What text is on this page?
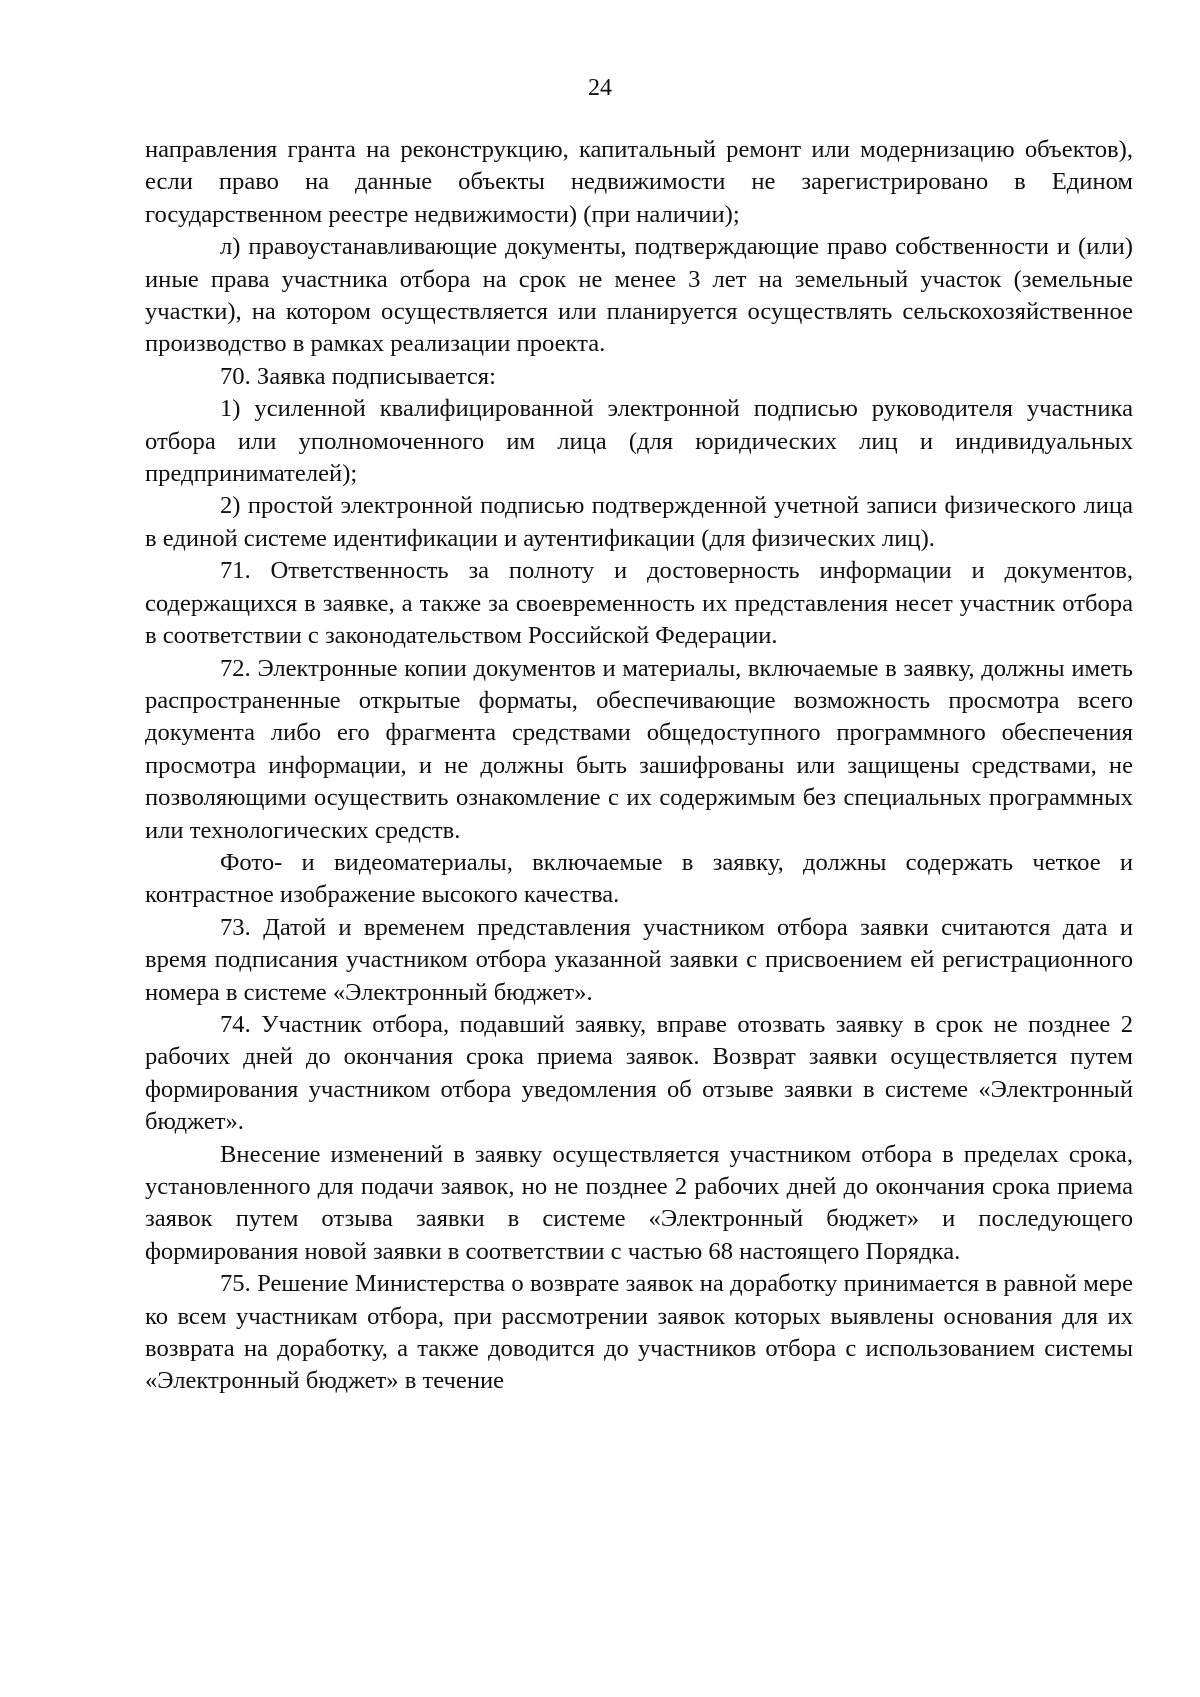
24

направления гранта на реконструкцию, капитальный ремонт или модернизацию объектов), если право на данные объекты недвижимости не зарегистрировано в Едином государственном реестре недвижимости) (при наличии);

л) правоустанавливающие документы, подтверждающие право собственности и (или) иные права участника отбора на срок не менее 3 лет на земельный участок (земельные участки), на котором осуществляется или планируется осуществлять сельскохозяйственное производство в рамках реализации проекта.

70. Заявка подписывается:

1) усиленной квалифицированной электронной подписью руководителя участника отбора или уполномоченного им лица (для юридических лиц и индивидуальных предпринимателей);

2) простой электронной подписью подтвержденной учетной записи физического лица в единой системе идентификации и аутентификации (для физических лиц).

71. Ответственность за полноту и достоверность информации и документов, содержащихся в заявке, а также за своевременность их представления несет участник отбора в соответствии с законодательством Российской Федерации.

72. Электронные копии документов и материалы, включаемые в заявку, должны иметь распространенные открытые форматы, обеспечивающие возможность просмотра всего документа либо его фрагмента средствами общедоступного программного обеспечения просмотра информации, и не должны быть зашифрованы или защищены средствами, не позволяющими осуществить ознакомление с их содержимым без специальных программных или технологических средств.

Фото- и видеоматериалы, включаемые в заявку, должны содержать четкое и контрастное изображение высокого качества.

73. Датой и временем представления участником отбора заявки считаются дата и время подписания участником отбора указанной заявки с присвоением ей регистрационного номера в системе «Электронный бюджет».

74. Участник отбора, подавший заявку, вправе отозвать заявку в срок не позднее 2 рабочих дней до окончания срока приема заявок. Возврат заявки осуществляется путем формирования участником отбора уведомления об отзыве заявки в системе «Электронный бюджет».

Внесение изменений в заявку осуществляется участником отбора в пределах срока, установленного для подачи заявок, но не позднее 2 рабочих дней до окончания срока приема заявок путем отзыва заявки в системе «Электронный бюджет» и последующего формирования новой заявки в соответствии с частью 68 настоящего Порядка.

75. Решение Министерства о возврате заявок на доработку принимается в равной мере ко всем участникам отбора, при рассмотрении заявок которых выявлены основания для их возврата на доработку, а также доводится до участников отбора с использованием системы «Электронный бюджет» в течение
